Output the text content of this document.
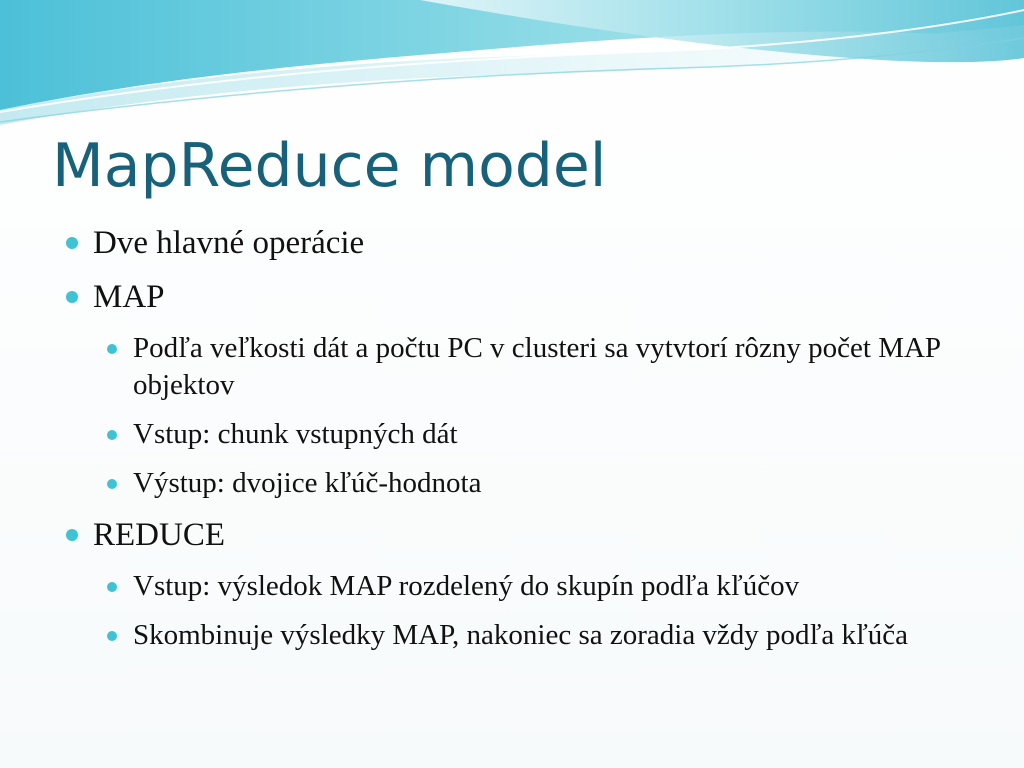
MapReduce model
Dve hlavné operácie
MAP
Podľa veľkosti dát a počtu PC v clusteri sa vytvtorí rôzny počet MAP objektov
Vstup: chunk vstupných dát
Výstup: dvojice kľúč-hodnota
REDUCE
Vstup: výsledok MAP rozdelený do skupín podľa kľúčov
Skombinuje výsledky MAP, nakoniec sa zoradia vždy podľa kľúča
